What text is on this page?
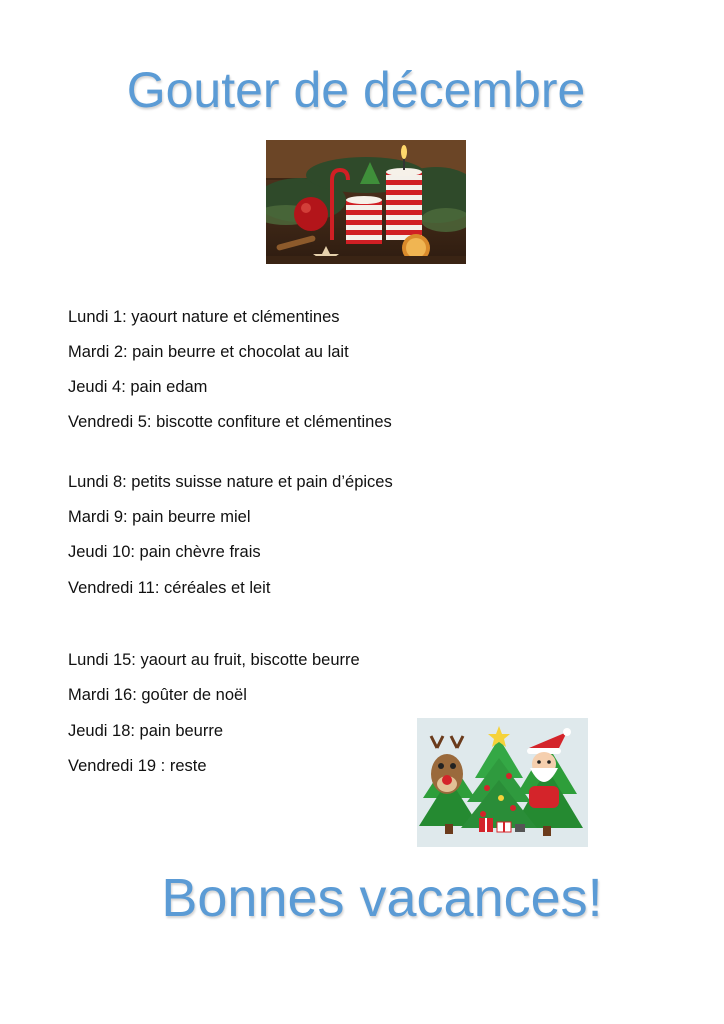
Gouter de décembre
Lundi 1: yaourt nature et clémentines
Mardi 2: pain beurre et chocolat au lait
Jeudi 4: pain edam
Vendredi 5: biscotte confiture et clémentines
Lundi 8: petits suisse nature et pain d’épices
Mardi 9: pain beurre miel
Jeudi 10: pain chèvre frais
Vendredi 11: céréales et leit
Lundi 15: yaourt au fruit, biscotte beurre
Mardi 16: goûter de noël
Jeudi 18: pain beurre
Vendredi 19 : reste
Bonnes vacances!
